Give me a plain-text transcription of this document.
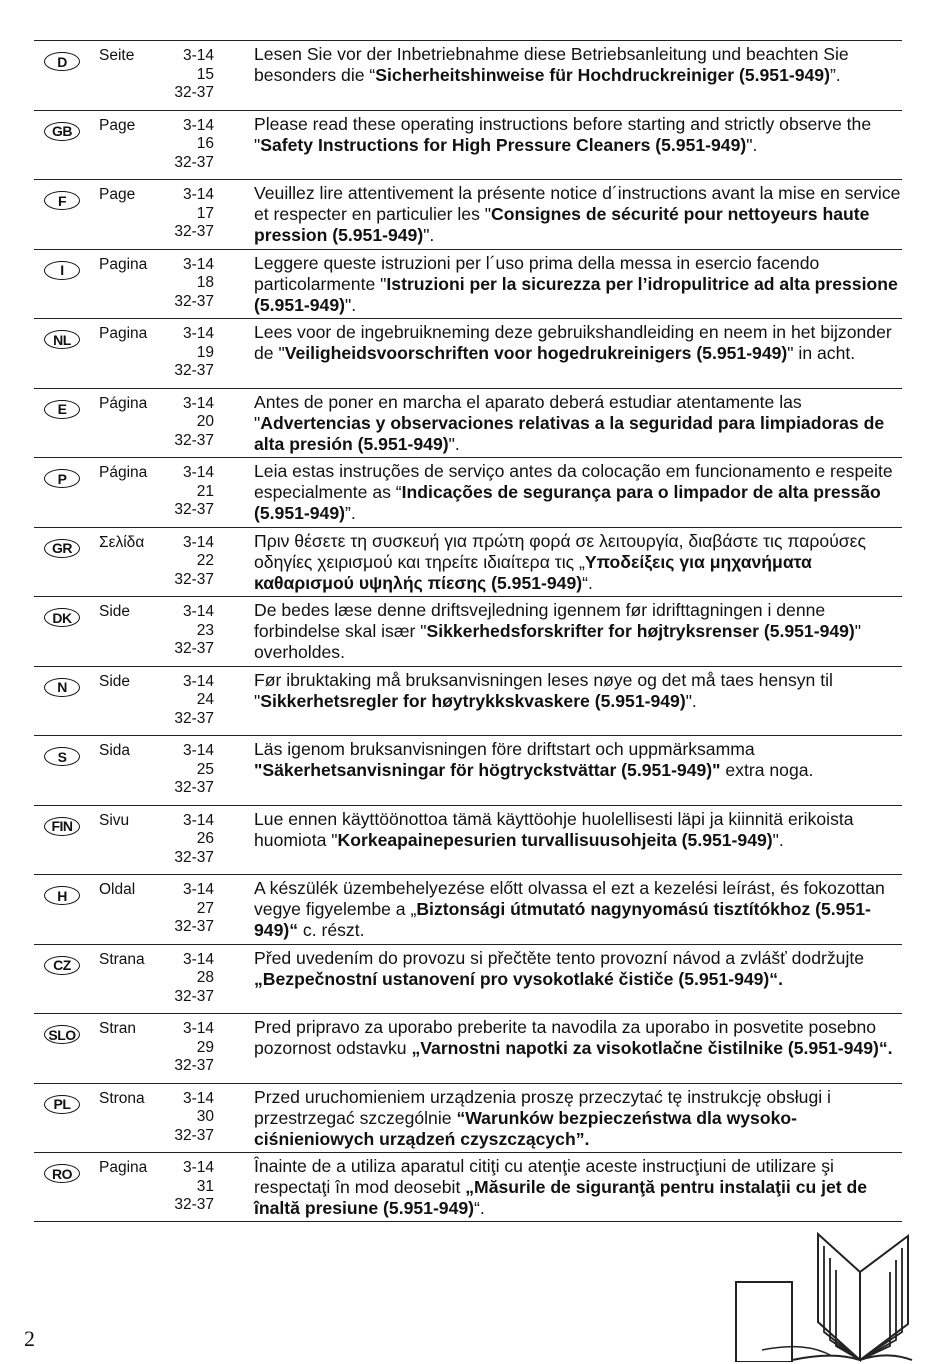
D Seite	3-14
15
32-37
Lesen Sie vor der Inbetriebnahme diese Betriebsanleitung und beachten Sie besonders die “Sicherheitshinweise für Hochdruckreiniger (5.951-949)”.
GB Page	3-14
16
32-37
Please read these operating instructions before starting and strictly observe the "Safety Instructions for High Pressure Cleaners (5.951-949)".
F Page	3-14
17
32-37
Veuillez lire attentivement la présente notice d´instructions avant la mise en service et respecter en particulier les "Consignes de sécurité pour nettoyeurs haute pression (5.951-949)".
I Pagina	3-14
18
32-37
Leggere queste istruzioni per l´uso prima della messa in esercio facendo particolarmente "Istruzioni per la sicurezza per l’idropulitrice ad alta pressione (5.951-949)".
NL Pagina	3-14
19
32-37
Lees voor de ingebruikneming deze gebruikshandleiding en neem in het bijzonder de "Veiligheidsvoorschriften voor hogedrukreinigers (5.951-949)" in acht.
E Página	3-14
20
32-37
Antes de poner en marcha el aparato deberá estudiar atentamente las "Advertencias y observaciones relativas a la seguridad para limpiadoras de alta presión (5.951-949)".
P Página	3-14
21
32-37
Leia estas instruções de serviço antes da colocação em funcionamento e respeite especialmente as “Indicações de segurança para o limpador de alta pressão (5.951-949)”.
GR Σελίδα	3-14
22
32-37
Πριν θέσετε τη συσκευή για πρώτη φορά σε λειτουργία, διαβάστε τις παρούσες οδηγίες χειρισμού και τηρείτε ιδιαίτερα τις „Υποδείξεις για μηχανήματα καθαρισμού υψηλής πίεσης (5.951-949)“.
DK Side	3-14
23
32-37
De bedes læse denne driftsvejledning igennem før idrifttagningen i denne forbindelse skal især "Sikkerhedsforskrifter for højtryksrenser (5.951-949)" overholdes.
N Side	3-14
24
32-37
Før ibruktaking må bruksanvisningen leses nøye og det må taes hensyn til "Sikkerhetsregler for høytrykkskvaskere (5.951-949)".
S Sida	3-14
25
32-37
Läs igenom bruksanvisningen före driftstart och uppmärksamma "Säkerhetsanvisningar för högtryckstvättar (5.951-949)" extra noga.
FIN Sivu	3-14
26
32-37
Lue ennen käyttöönottoa tämä käyttöohje huolellisesti läpi ja kiinnitä erikoista huomiota "Korkeapainepesurien turvallisuusohjeita (5.951-949)".
H Oldal	3-14
27
32-37
A készülék üzembehelyezése előtt olvassa el ezt a kezelési leírást, és fokozottan vegye figyelembe a „Biztonsági útmutató nagynyomású tisztítókhoz (5.951-949)“ c. részt.
CZ Strana	3-14
28
32-37
Před uvedením do provozu si přečtěte tento provozní návod a zvlášť dodržujte „Bezpečnostní ustanovení pro vysokotlaké čističe (5.951-949)“.
SLO Stran	3-14
29
32-37
Pred pripravo za uporabo preberite ta navodila za uporabo in posvetite posebno pozornost odstavku „Varnostni napotki za visokotlačne čistilnike (5.951-949)“.
PL Strona	3-14
30
32-37
Przed uruchomieniem urządzenia proszę przeczytać tę instrukcję obsługi i przestrzegać szczególnie “Warunków bezpieczeństwa dla wysoko-ciśnieniowych urządzeń czyszczących”.
RO Pagina	3-14
31
32-37
Înainte de a utiliza aparatul citiţi cu atenţie aceste instrucţiuni de utilizare şi respectaţi în mod deosebit „Măsurile de siguranţă pentru instalaţii cu jet de înaltă presiune (5.951-949)“.
2
